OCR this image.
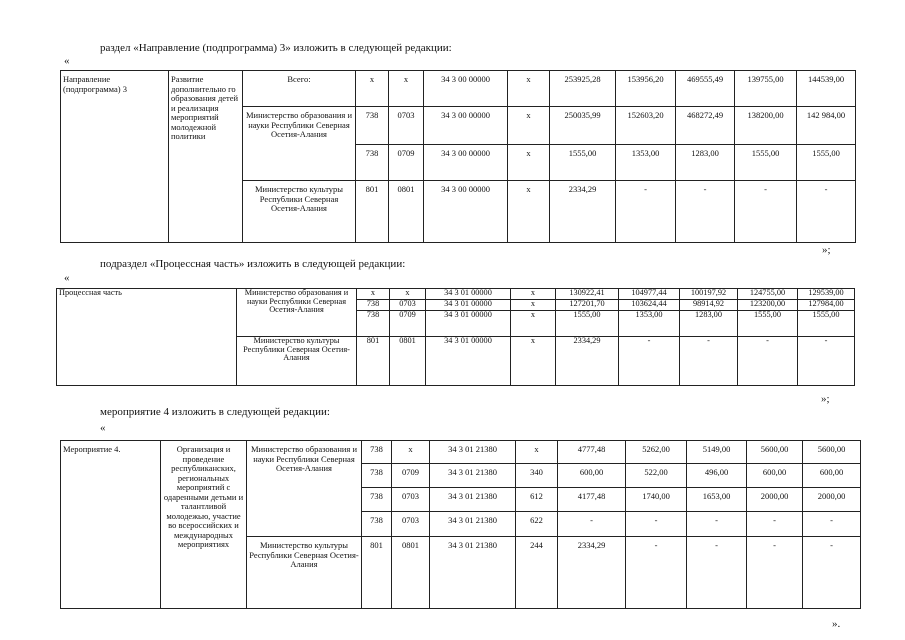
раздел «Направление (подпрограмма) 3» изложить в следующей редакции:
«
Направление (подпрограмма) 3	Развитие дополнительно го образования детей и реализация мероприятий молодежной политики	Всего:	х	х	34 3 00 00000	х	253925,28	153956,20	469555,49	139755,00	144539,00
		Министерство образования и науки Республики Северная Осетия-Алания	738	0703	34 3 00 00000	х	250035,99	152603,20	468272,49	138200,00	142 984,00
			738	0709	34 3 00 00000	х	1555,00	1353,00	1283,00	1555,00	1555,00
		Министерство культуры Республики Северная Осетия-Алания	801	0801	34 3 00 00000	х	2334,29	-	-	-	-
»;
подраздел «Процессная часть» изложить в следующей редакции:
«
Процессная часть	Министерство образования и науки Республики Северная Осетия-Алания	х	х	34 3 01 00000	х	130922,41	104977,44	100197,92	124755,00	129539,00
		738	0703	34 3 01 00000	х	127201,70	103624,44	98914,92	123200,00	127984,00
		738	0709	34 3 01 00000	х	1555,00	1353,00	1283,00	1555,00	1555,00
	Министерство культуры Республики Северная Осетия-Алания	801	0801	34 3 01 00000	х	2334,29	-	-	-	-
»;
мероприятие 4 изложить в следующей редакции:
«
Мероприятие 4.	Организация и проведение республиканских, региональных мероприятий с одаренными детьми и талантливой молодежью, участие во всероссийских и международных мероприятиях	Министерство образования и науки Республики Северная Осетия-Алания	738	х	34 3 01 21380	х	4777,48	5262,00	5149,00	5600,00	5600,00
			738	0709	34 3 01 21380	340	600,00	522,00	496,00	600,00	600,00
			738	0703	34 3 01 21380	612	4177,48	1740,00	1653,00	2000,00	2000,00
			738	0703	34 3 01 21380	622	-	-	-	-	-
		Министерство культуры Республики Северная Осетия-Алания	801	0801	34 3 01 21380	244	2334,29	-	-	-	-
».
